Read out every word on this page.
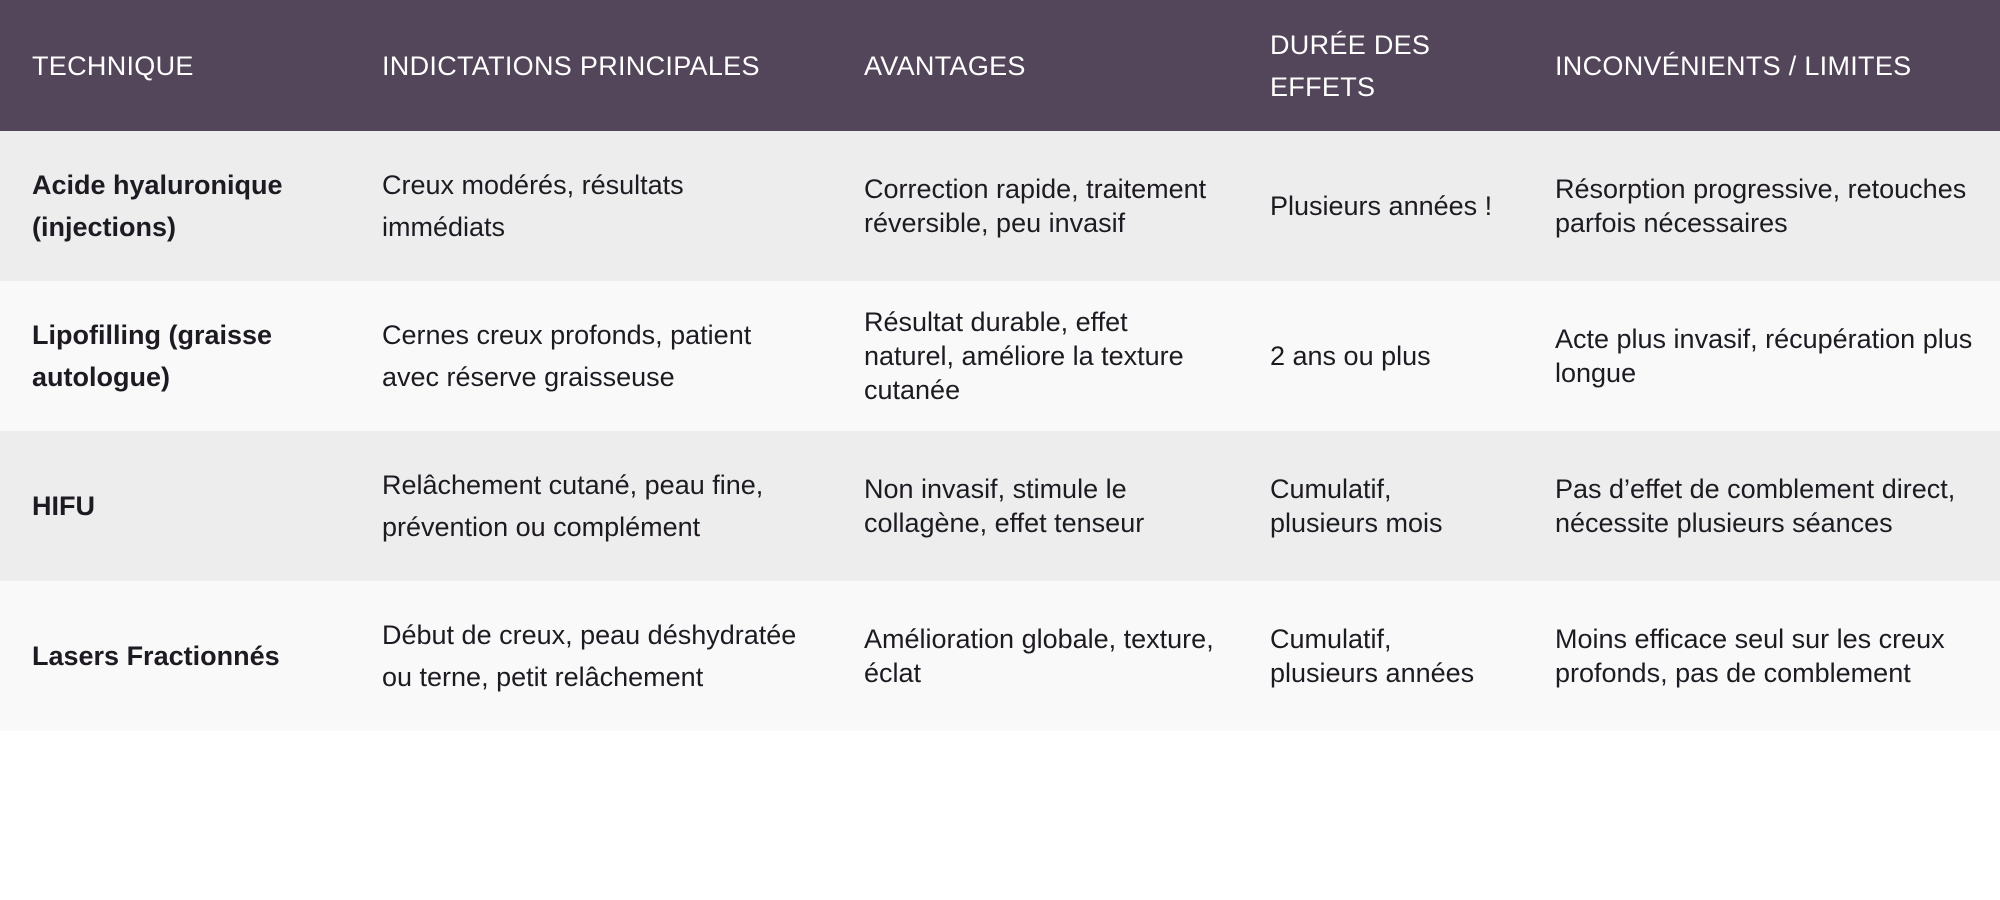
TECHNIQUE	INDICTATIONS PRINCIPALES	AVANTAGES	DURÉE DES EFFETS	INCONVÉNIENTS / LIMITES
Acide hyaluronique (injections)	Creux modérés, résultats immédiats	Correction rapide, traitement réversible, peu invasif	Plusieurs années !	Résorption progressive, retouches parfois nécessaires
Lipofilling (graisse autologue)	Cernes creux profonds, patient avec réserve graisseuse	Résultat durable, effet naturel, améliore la texture cutanée	2 ans ou plus	Acte plus invasif, récupération plus longue
HIFU	Relâchement cutané, peau fine, prévention ou complément	Non invasif, stimule le collagène, effet tenseur	Cumulatif, plusieurs mois	Pas d’effet de comblement direct, nécessite plusieurs séances
Lasers Fractionnés	Début de creux, peau déshydratée ou terne, petit relâchement	Amélioration globale, texture, éclat	Cumulatif, plusieurs années	Moins efficace seul sur les creux profonds, pas de comblement
